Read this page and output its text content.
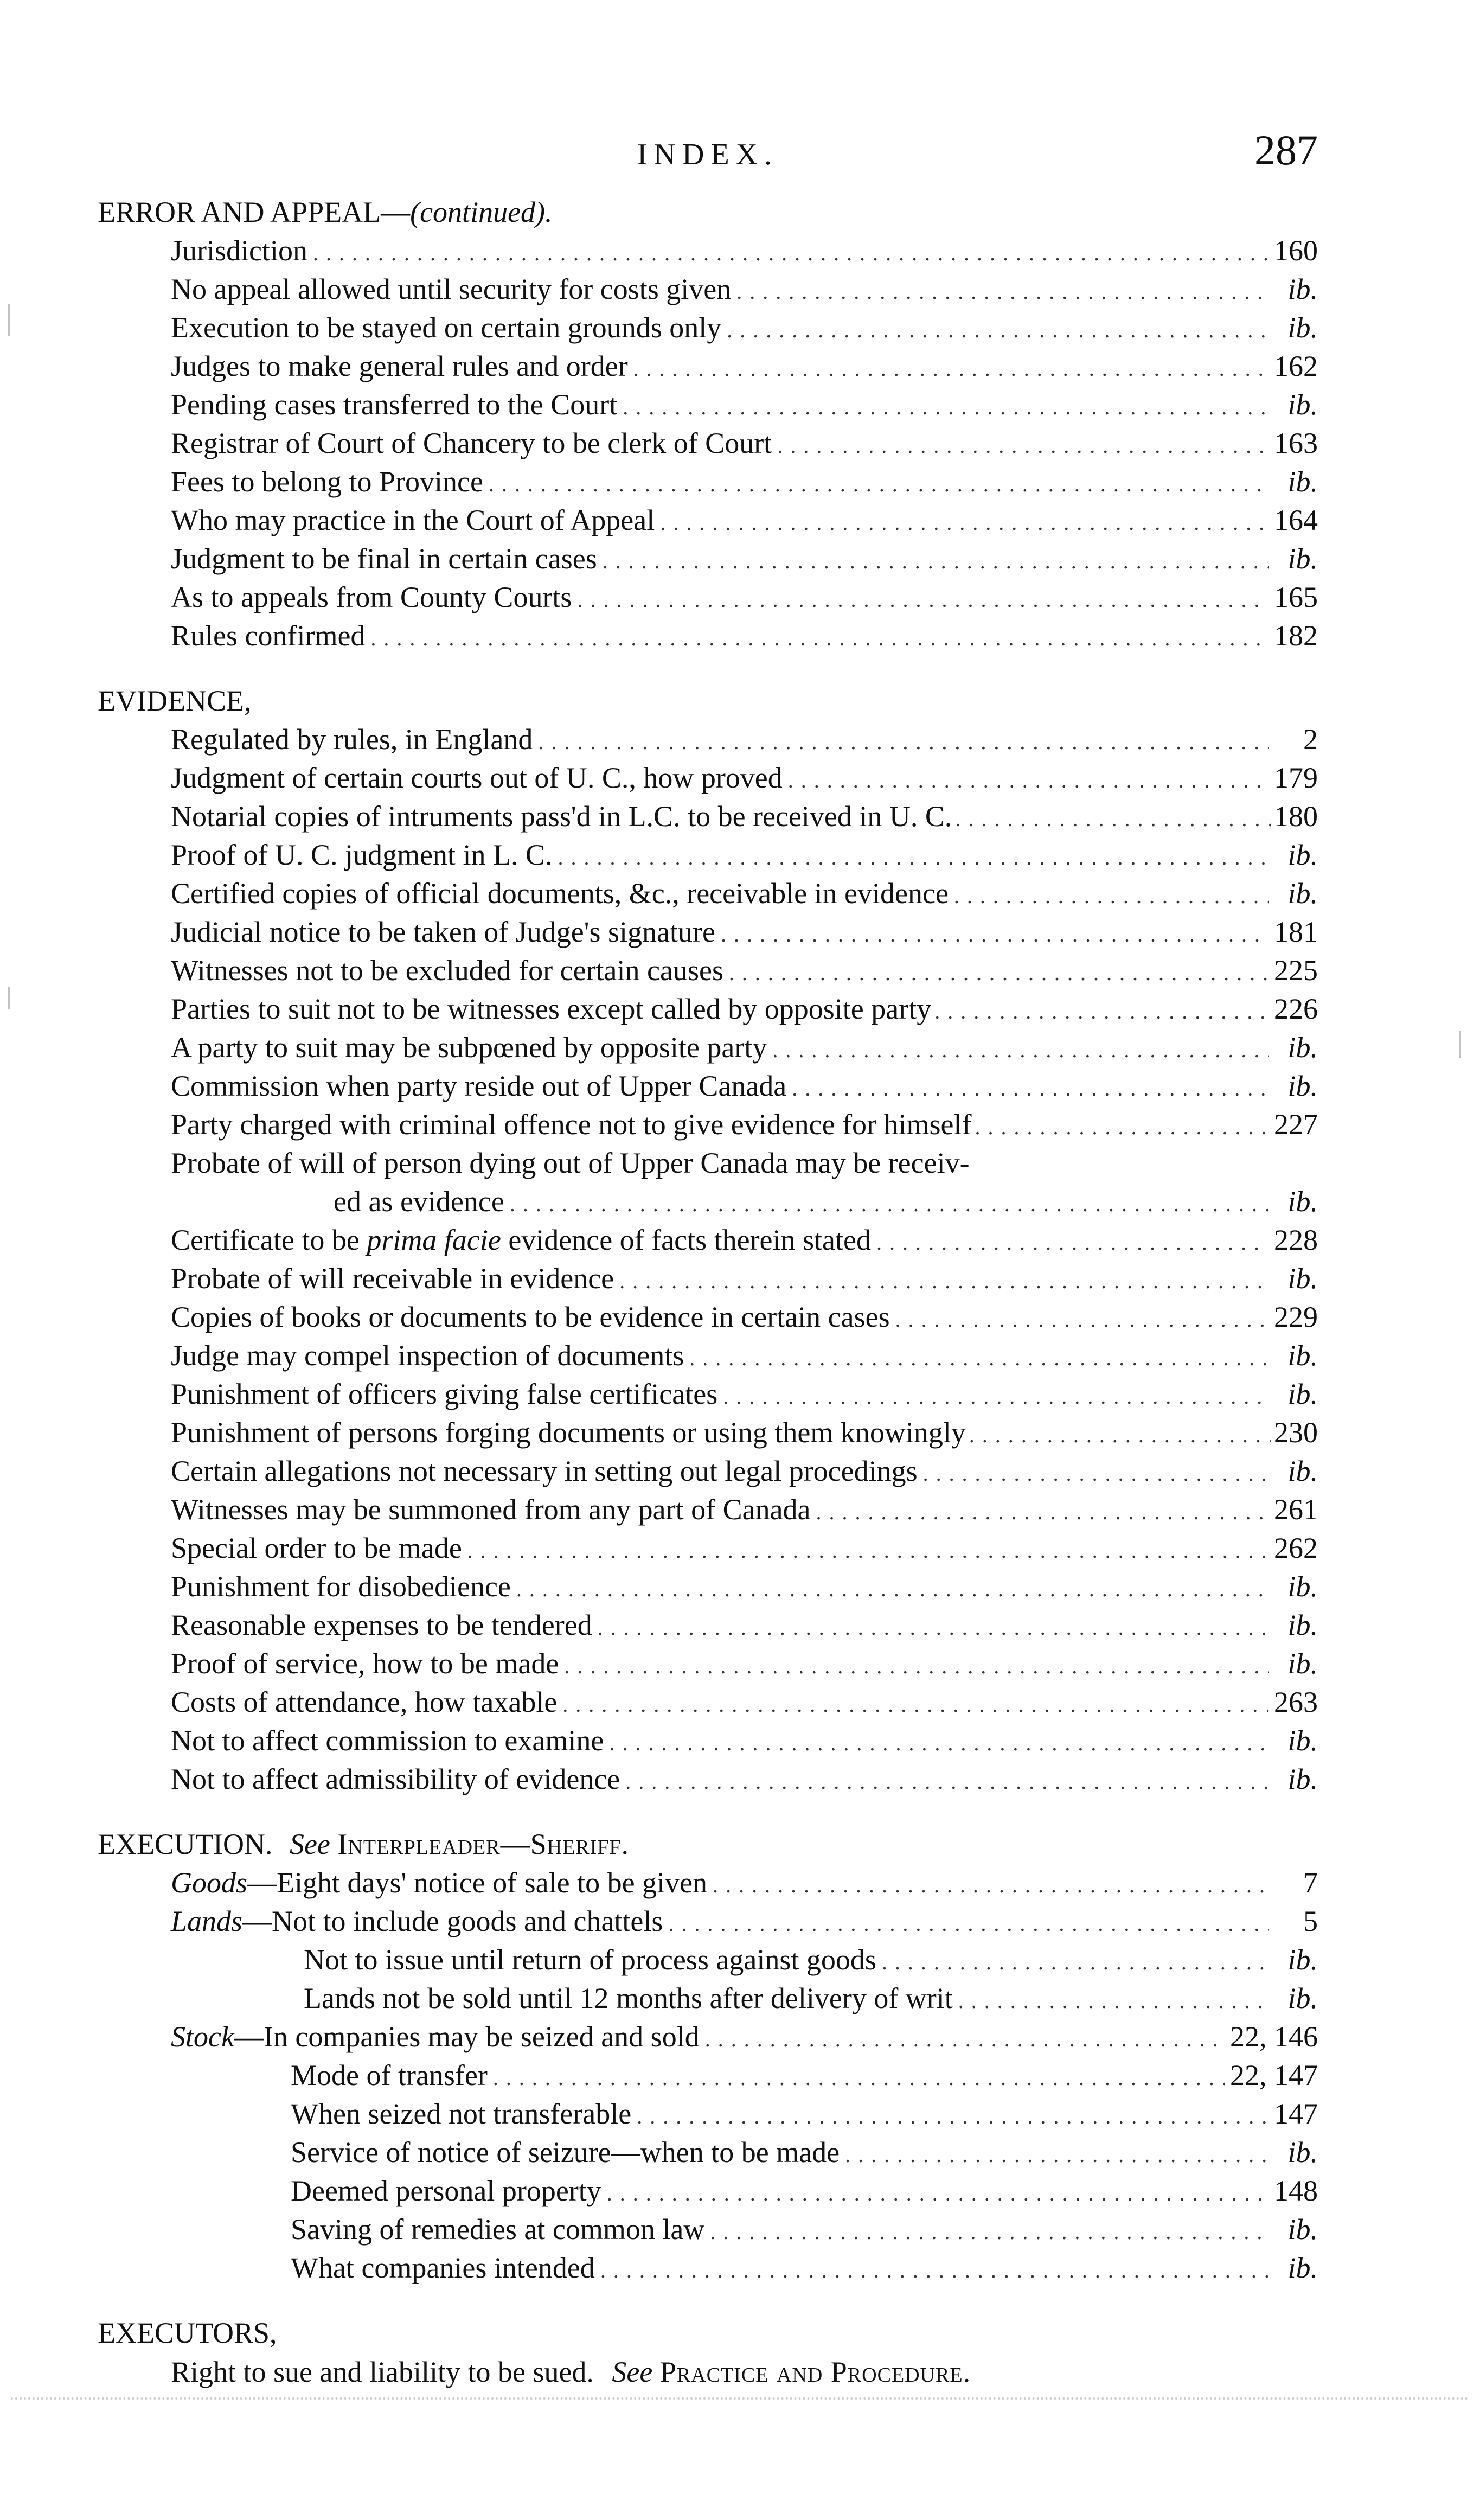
INDEX.	287
ERROR AND APPEAL—(continued).
Jurisdiction . . .	160
No appeal allowed until security for costs given . . .	ib.
Execution to be stayed on certain grounds only . . .	ib.
Judges to make general rules and order . . .	162
Pending cases transferred to the Court . . .	ib.
Registrar of Court of Chancery to be clerk of Court . . .	163
Fees to belong to Province . . .	ib.
Who may practice in the Court of Appeal . . .	164
Judgment to be final in certain cases . . .	ib.
As to appeals from County Courts . . .	165
Rules confirmed . . .	182
EVIDENCE,
Regulated by rules, in England . . .	2
Judgment of certain courts out of U. C., how proved . . .	179
Notarial copies of intruments pass'd in L.C. to be received in U. C. . . .	180
Proof of U. C. judgment in L. C. . . .	ib.
Certified copies of official documents, &c., receivable in evidence . . .	ib.
Judicial notice to be taken of Judge's signature . . .	181
Witnesses not to be excluded for certain causes . . .	225
Parties to suit not to be witnesses except called by opposite party . . .	226
A party to suit may be subpœned by opposite party . . .	ib.
Commission when party reside out of Upper Canada . . .	ib.
Party charged with criminal offence not to give evidence for himself . . .	227
Probate of will of person dying out of Upper Canada may be receiv-
ed as evidence . . .	ib.
Certificate to be prima facie evidence of facts therein stated . . .	228
Probate of will receivable in evidence . . .	ib.
Copies of books or documents to be evidence in certain cases . . .	229
Judge may compel inspection of documents . . .	ib.
Punishment of officers giving false certificates . . .	ib.
Punishment of persons forging documents or using them knowingly . . .	230
Certain allegations not necessary in setting out legal procedings . . .	ib.
Witnesses may be summoned from any part of Canada . . .	261
Special order to be made . . .	262
Punishment for disobedience . . .	ib.
Reasonable expenses to be tendered . . .	ib.
Proof of service, how to be made . . .	ib.
Costs of attendance, how taxable . . .	263
Not to affect commission to examine . . .	ib.
Not to affect admissibility of evidence . . .	ib.
EXECUTION. See Interpleader—Sheriff.
Goods—Eight days' notice of sale to be given . . .	7
Lands—Not to include goods and chattels . . .	5
Not to issue until return of process against goods . . .	ib.
Lands not be sold until 12 months after delivery of writ . . .	ib.
Stock—In companies may be seized and sold . . .	22, 146
Mode of transfer . . .	22, 147
When seized not transferable . . .	147
Service of notice of seizure—when to be made . . .	ib.
Deemed personal property . . .	148
Saving of remedies at common law . . .	ib.
What companies intended . . .	ib.
EXECUTORS,
Right to sue and liability to be sued. See Practice and Procedure.
